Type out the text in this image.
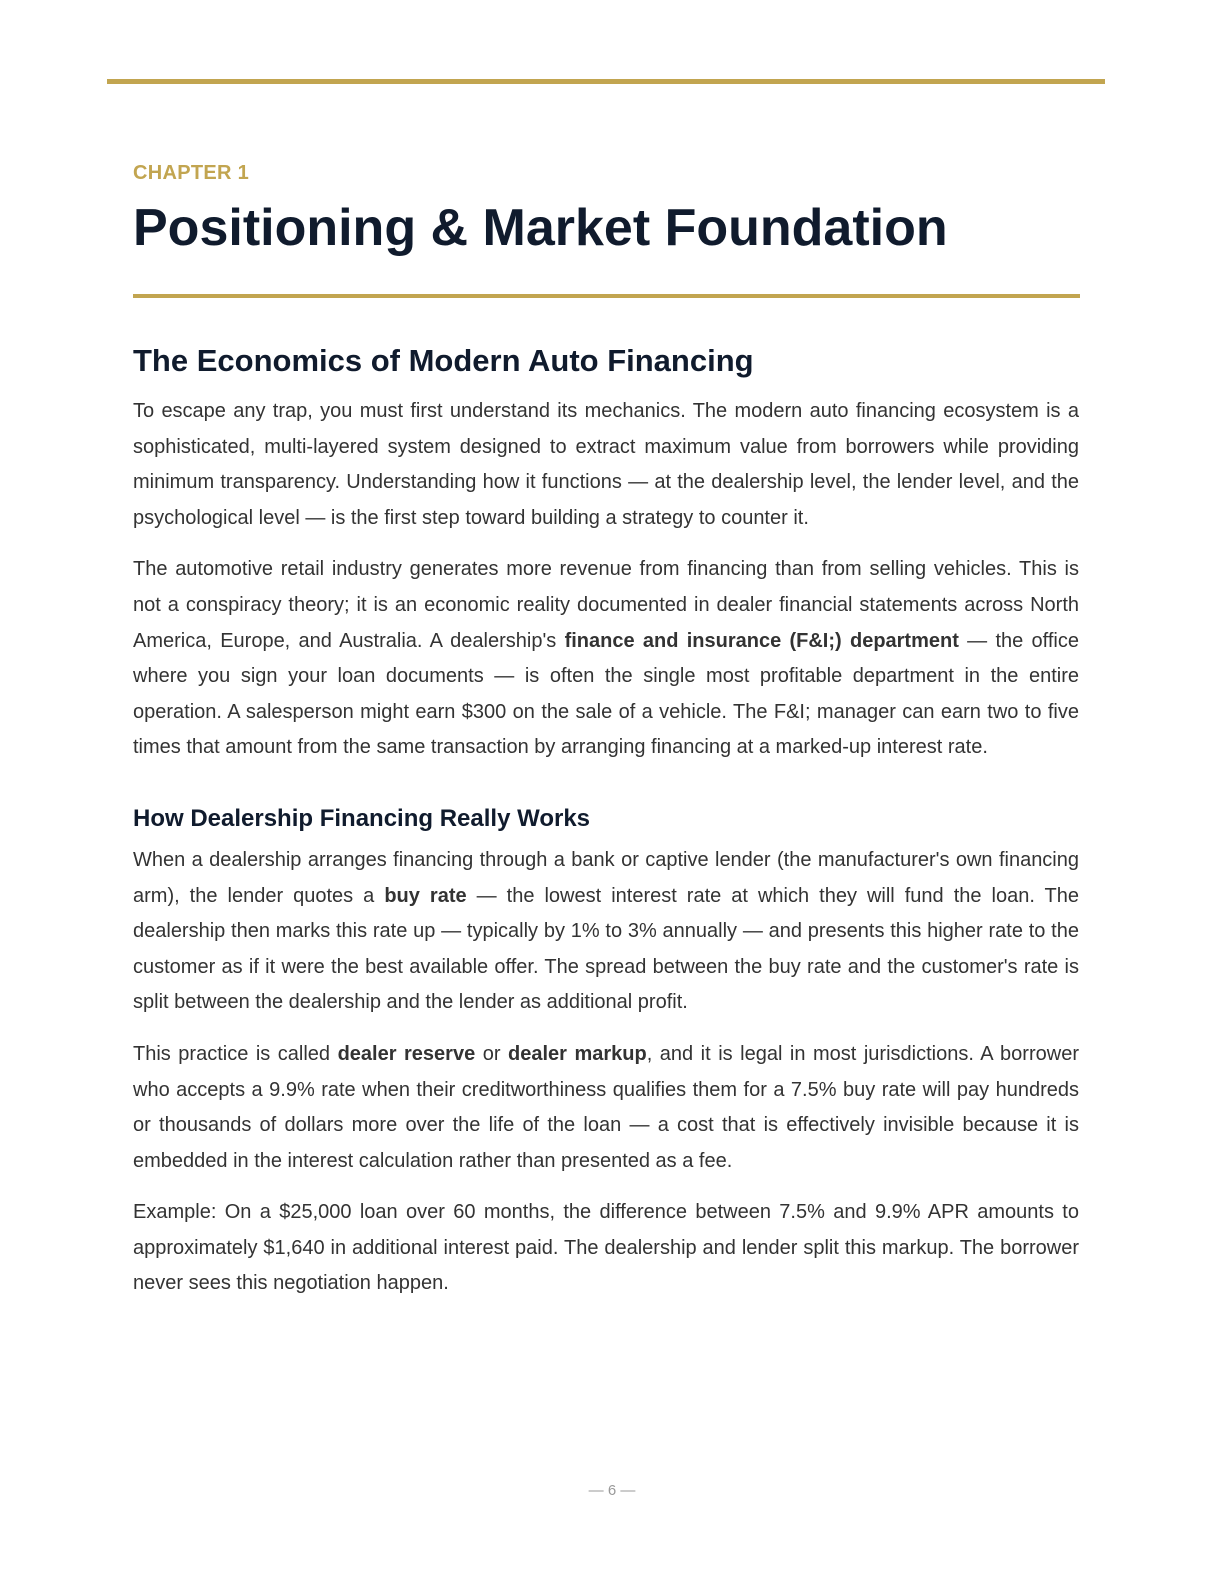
CHAPTER 1
Positioning & Market Foundation
The Economics of Modern Auto Financing

To escape any trap, you must first understand its mechanics. The modern auto financing ecosystem is a sophisticated, multi-layered system designed to extract maximum value from borrowers while providing minimum transparency. Understanding how it functions — at the dealership level, the lender level, and the psychological level — is the first step toward building a strategy to counter it.

The automotive retail industry generates more revenue from financing than from selling vehicles. This is not a conspiracy theory; it is an economic reality documented in dealer financial statements across North America, Europe, and Australia. A dealership's finance and insurance (F&I;) department — the office where you sign your loan documents — is often the single most profitable department in the entire operation. A salesperson might earn $300 on the sale of a vehicle. The F&I; manager can earn two to five times that amount from the same transaction by arranging financing at a marked-up interest rate.

How Dealership Financing Really Works

When a dealership arranges financing through a bank or captive lender (the manufacturer's own financing arm), the lender quotes a buy rate — the lowest interest rate at which they will fund the loan. The dealership then marks this rate up — typically by 1% to 3% annually — and presents this higher rate to the customer as if it were the best available offer. The spread between the buy rate and the customer's rate is split between the dealership and the lender as additional profit.

This practice is called dealer reserve or dealer markup, and it is legal in most jurisdictions. A borrower who accepts a 9.9% rate when their creditworthiness qualifies them for a 7.5% buy rate will pay hundreds or thousands of dollars more over the life of the loan — a cost that is effectively invisible because it is embedded in the interest calculation rather than presented as a fee.

Example: On a $25,000 loan over 60 months, the difference between 7.5% and 9.9% APR amounts to approximately $1,640 in additional interest paid. The dealership and lender split this markup. The borrower never sees this negotiation happen.

— 6 —
